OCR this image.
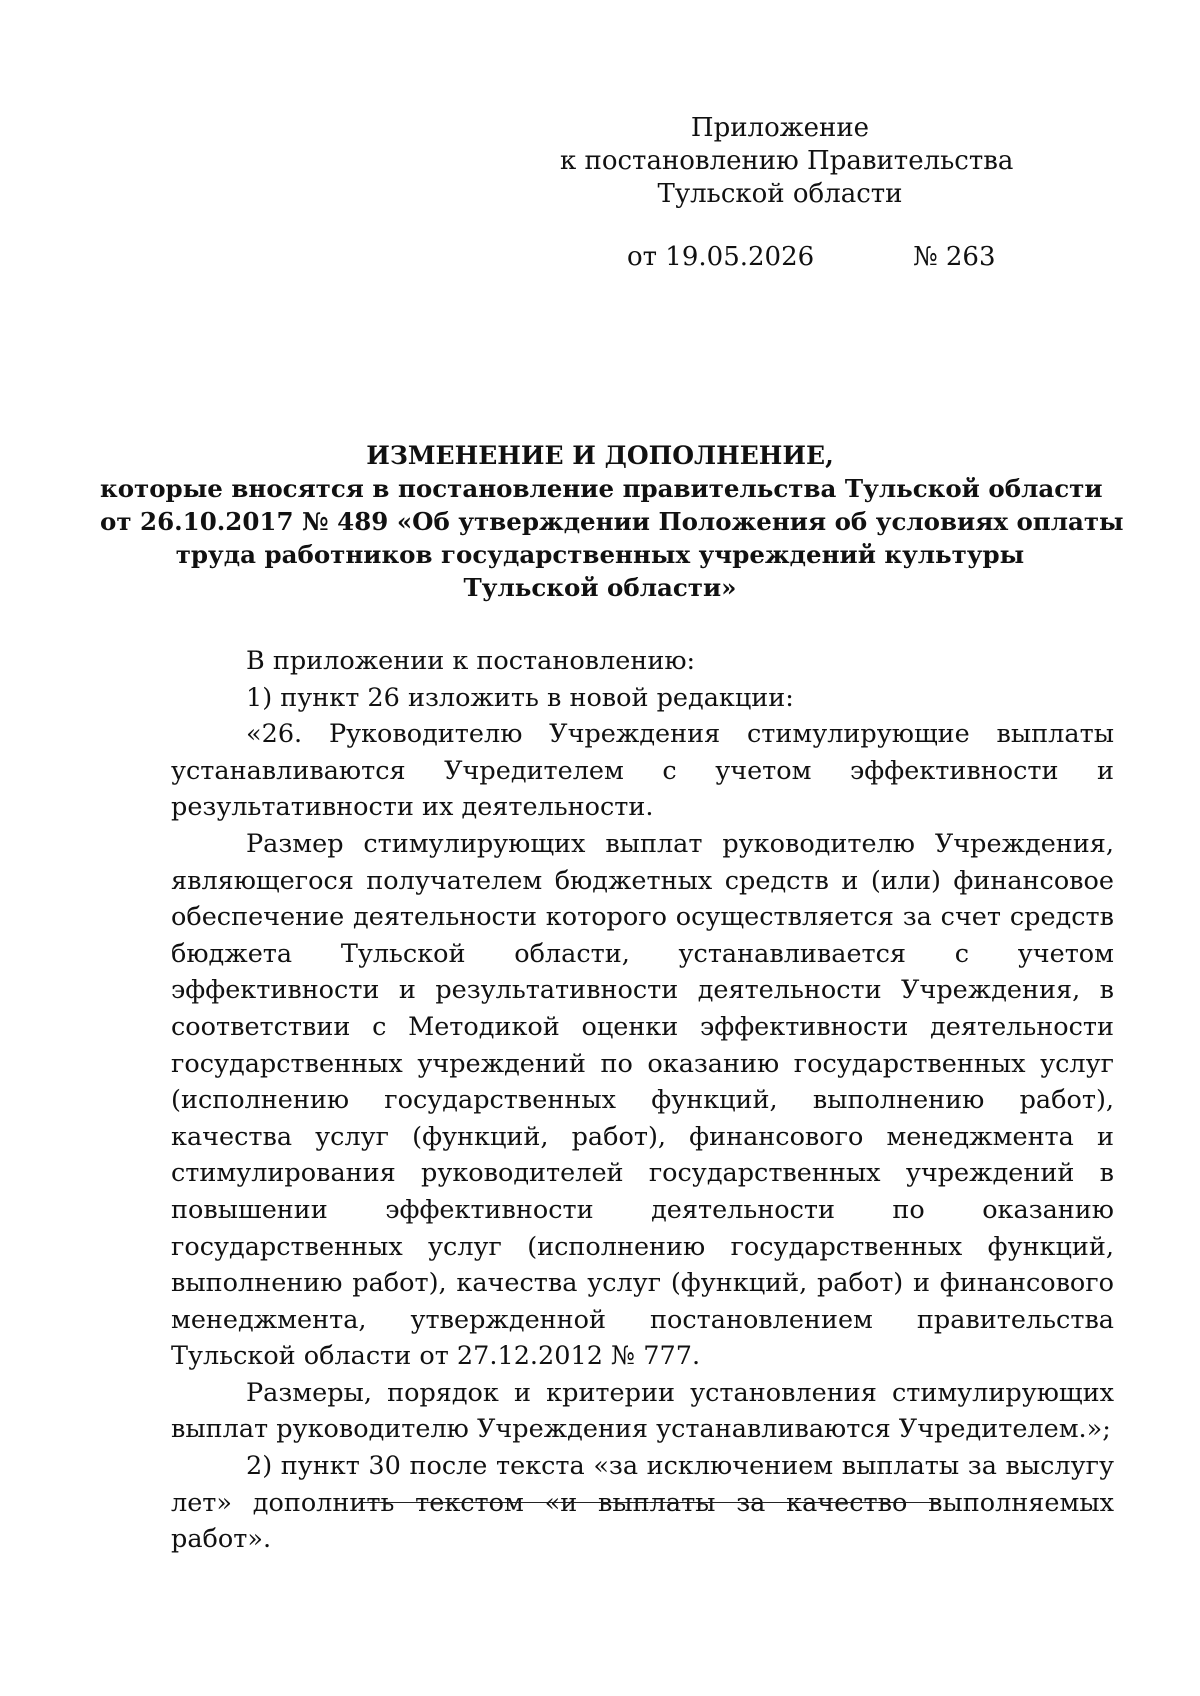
Приложение
к постановлению Правительства
Тульской области
от 19.05.2026	№ 263
ИЗМЕНЕНИЕ И ДОПОЛНЕНИЕ,
которые вносятся в постановление правительства Тульской области
от 26.10.2017 № 489 «Об утверждении Положения об условиях оплаты
труда работников государственных учреждений культуры
Тульской области»

В приложении к постановлению:

1) пункт 26 изложить в новой редакции:

«26. Руководителю Учреждения стимулирующие выплаты устанавливаются Учредителем с учетом эффективности и результативности их деятельности.

Размер стимулирующих выплат руководителю Учреждения, являющегося получателем бюджетных средств и (или) финансовое обеспечение деятельности которого осуществляется за счет средств бюджета Тульской области, устанавливается с учетом эффективности и результативности деятельности Учреждения, в соответствии с Методикой оценки эффективности деятельности государственных учреждений по оказанию государственных услуг (исполнению государственных функций, выполнению работ), качества услуг (функций, работ), финансового менеджмента и стимулирования руководителей государственных учреждений в повышении эффективности деятельности по оказанию государственных услуг (исполнению государственных функций, выполнению работ), качества услуг (функций, работ) и финансового менеджмента, утвержденной постановлением правительства Тульской области от 27.12.2012 № 777.

Размеры, порядок и критерии установления стимулирующих выплат руководителю Учреждения устанавливаются Учредителем.»;

2) пункт 30 после текста «за исключением выплаты за выслугу лет» дополнить текстом «и выплаты за качество выполняемых работ».
